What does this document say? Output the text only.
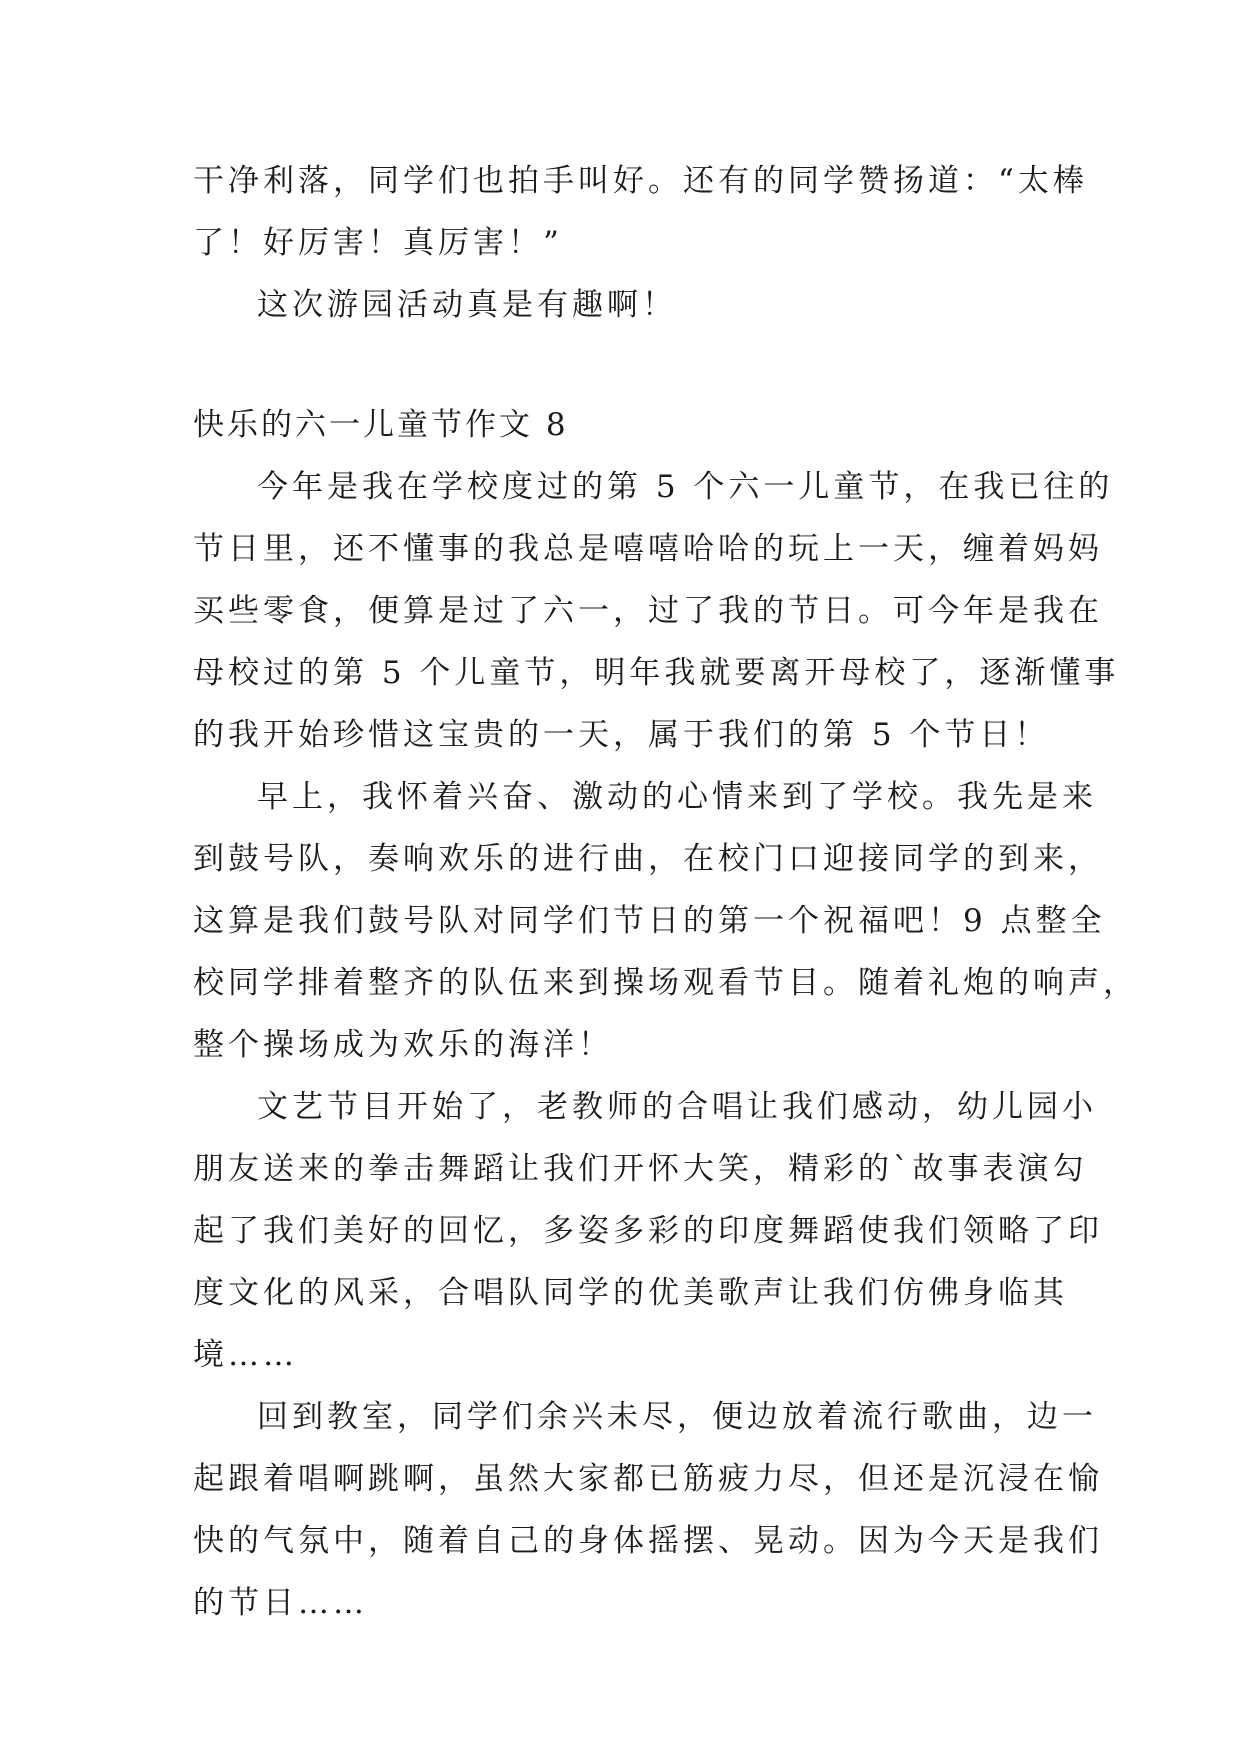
干净利落，同学们也拍手叫好。还有的同学赞扬道：“太棒

了！好厉害！真厉害！”

这次游园活动真是有趣啊！

快乐的六一儿童节作文 8

今年是我在学校度过的第 5 个六一儿童节，在我已往的

节日里，还不懂事的我总是嘻嘻哈哈的玩上一天，缠着妈妈

买些零食，便算是过了六一，过了我的节日。可今年是我在

母校过的第 5 个儿童节，明年我就要离开母校了，逐渐懂事

的我开始珍惜这宝贵的一天，属于我们的第 5 个节日！

早上，我怀着兴奋、激动的心情来到了学校。我先是来

到鼓号队，奏响欢乐的进行曲，在校门口迎接同学的到来，

这算是我们鼓号队对同学们节日的第一个祝福吧！9 点整全

校同学排着整齐的队伍来到操场观看节目。随着礼炮的响声，

整个操场成为欢乐的海洋！

文艺节目开始了，老教师的合唱让我们感动，幼儿园小

朋友送来的拳击舞蹈让我们开怀大笑，精彩的`故事表演勾

起了我们美好的回忆，多姿多彩的印度舞蹈使我们领略了印

度文化的风采，合唱队同学的优美歌声让我们仿佛身临其

境……

回到教室，同学们余兴未尽，便边放着流行歌曲，边一

起跟着唱啊跳啊，虽然大家都已筋疲力尽，但还是沉浸在愉

快的气氛中，随着自己的身体摇摆、晃动。因为今天是我们

的节日……
